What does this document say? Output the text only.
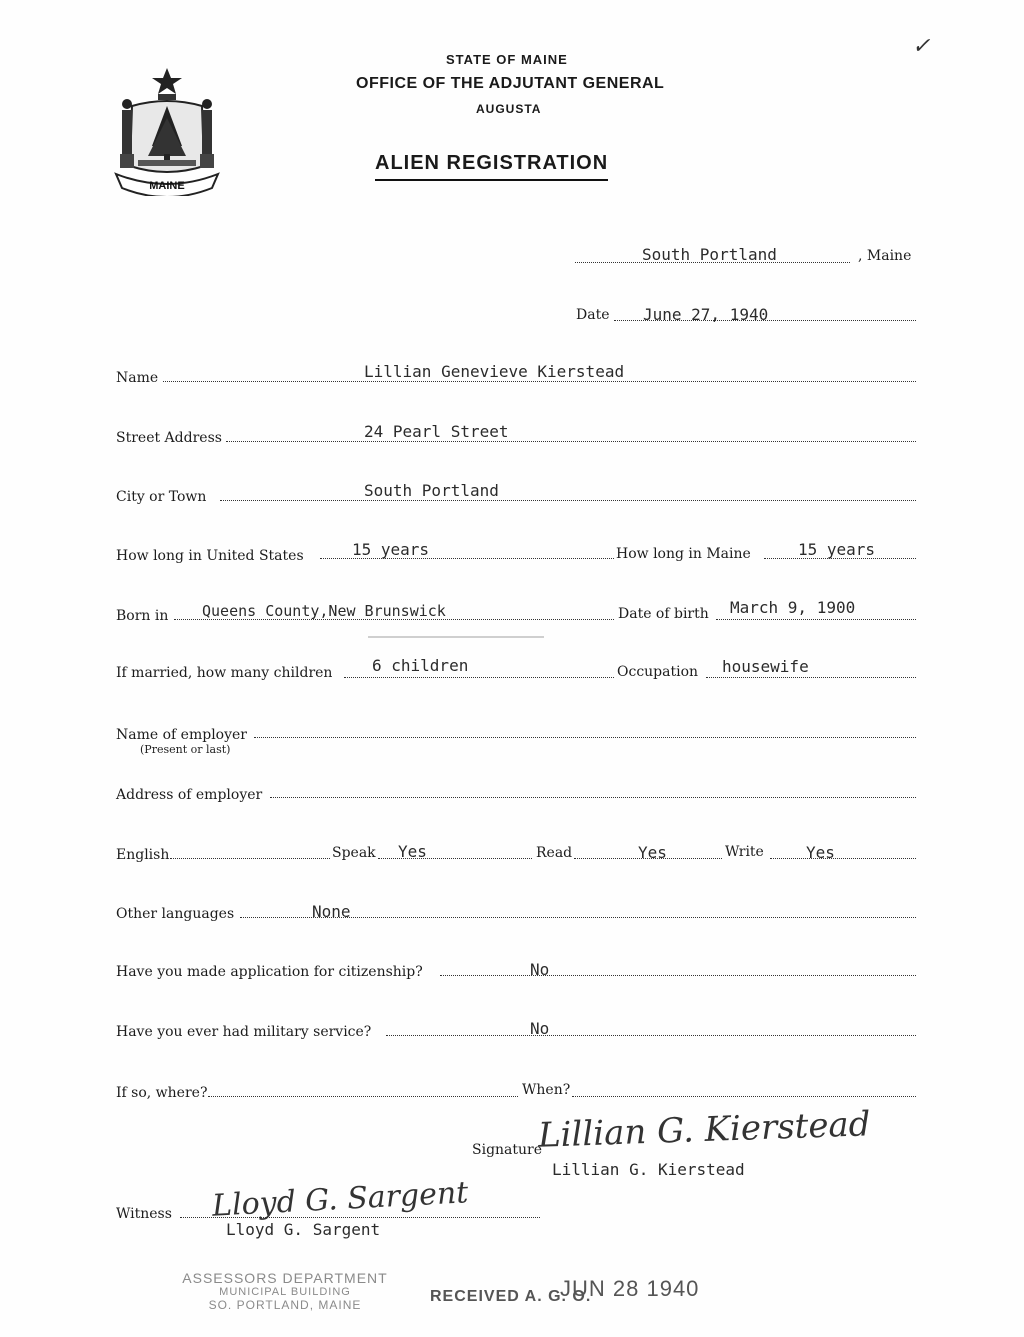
✓
MAINE
STATE OF MAINE
OFFICE OF THE ADJUTANT GENERAL
AUGUSTA
ALIEN REGISTRATION
South Portland	, Maine
Date June 27, 1940
Name	Lillian Genevieve Kierstead
Street Address	24 Pearl Street
City or Town	South Portland
How long in United States	15 years	How long in Maine	15 years
Born in Queens County,New Brunswick	Date of birth March 9, 1900
If married, how many children 6 children	Occupation housewife
Name of employer
(Present or last)
Address of employer
English	Speak Yes	Read	Yes	Write	Yes
Other languages	None
Have you made application for citizenship?	No
Have you ever had military service?	No
If so, where?	When?
Signature
Lillian G. Kierstead
Lillian G. Kierstead
Witness Lloyd G. Sargent
Lloyd G. Sargent
ASSESSORS DEPARTMENT
MUNICIPAL BUILDING
SO. PORTLAND, MAINE	RECEIVED A. G. O.
JUN 28 1940
